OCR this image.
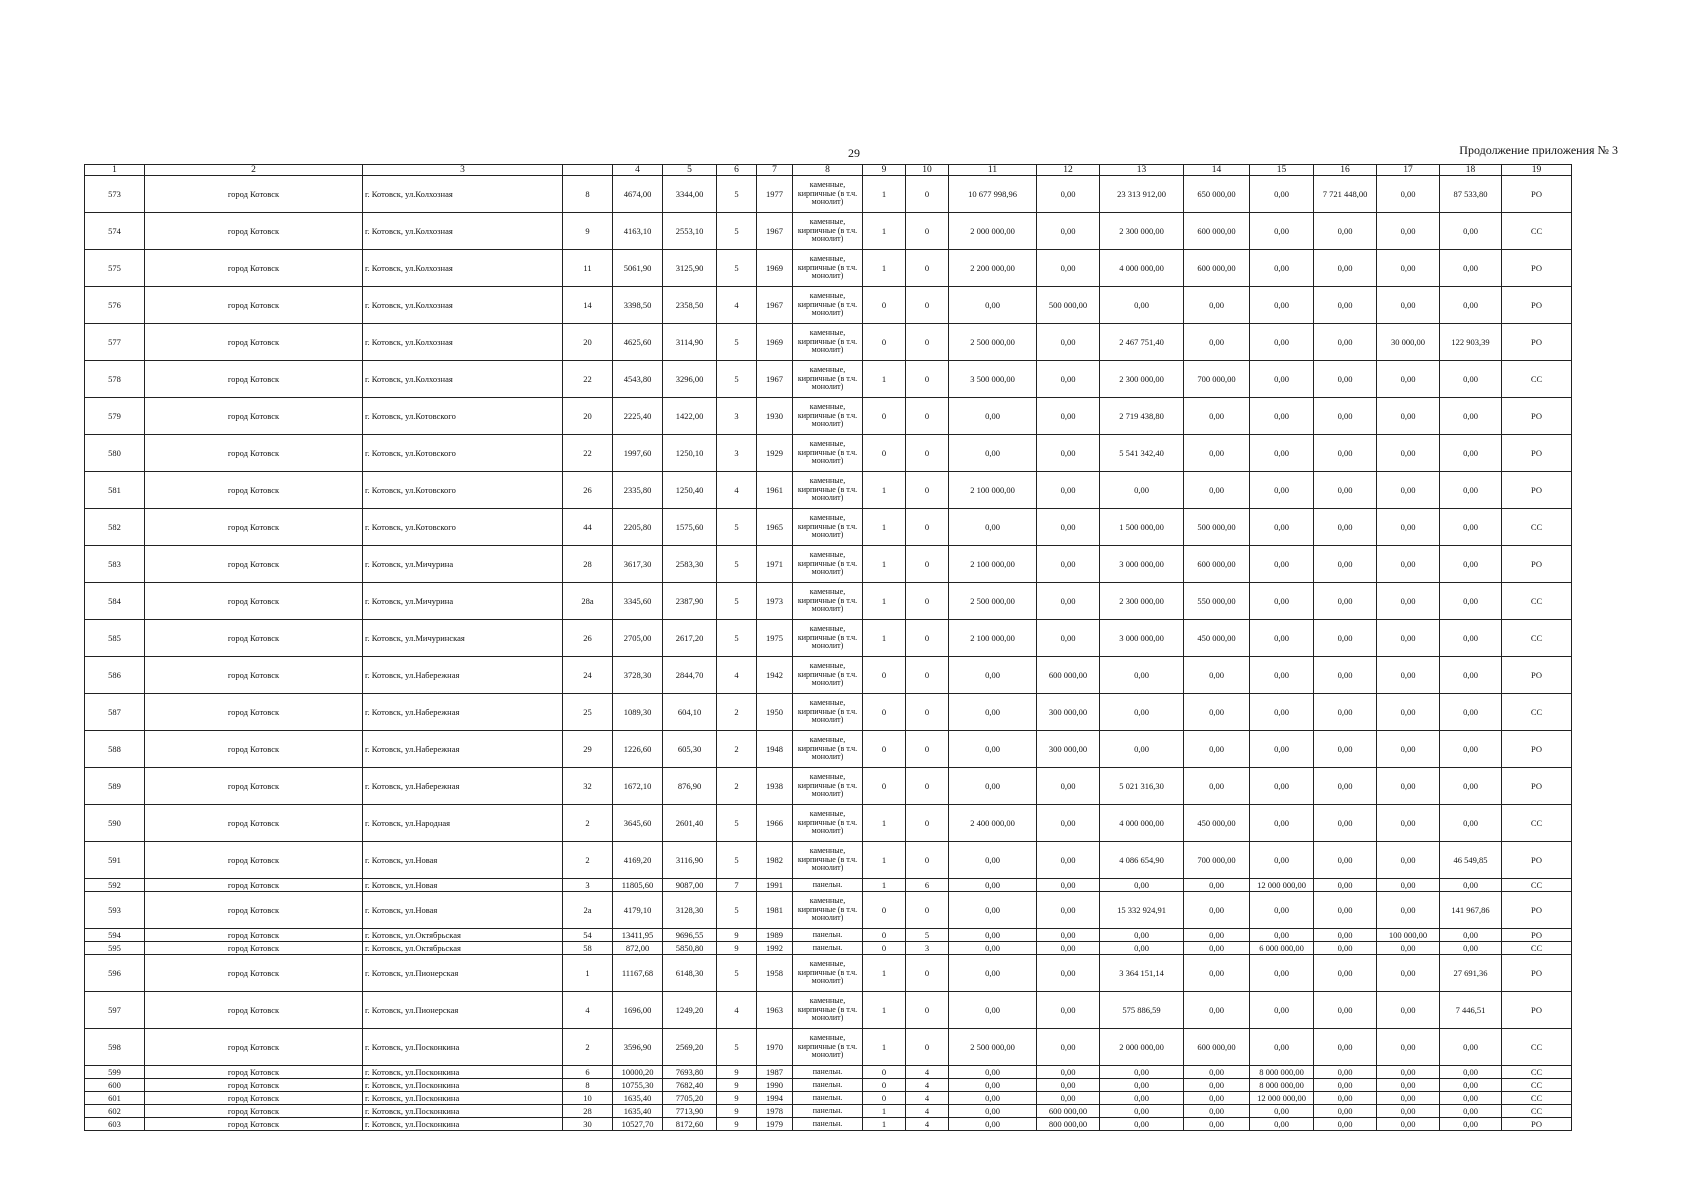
29	Продолжение приложения № 3
1	2	3		4	5	6	7	8	9	10	11	12	13	14	15	16	17	18	19
573	город Котовск	г. Котовск, ул.Колхозная	8	4674,00	3344,00	5	1977	каменные, кирпичные (в т.ч. монолит)	1	0	10 677 998,96	0,00	23 313 912,00	650 000,00	0,00	7 721 448,00	0,00	87 533,80	РО
574	город Котовск	г. Котовск, ул.Колхозная	9	4163,10	2553,10	5	1967	каменные, кирпичные (в т.ч. монолит)	1	0	2 000 000,00	0,00	2 300 000,00	600 000,00	0,00	0,00	0,00	0,00	СС
575	город Котовск	г. Котовск, ул.Колхозная	11	5061,90	3125,90	5	1969	каменные, кирпичные (в т.ч. монолит)	1	0	2 200 000,00	0,00	4 000 000,00	600 000,00	0,00	0,00	0,00	0,00	РО
576	город Котовск	г. Котовск, ул.Колхозная	14	3398,50	2358,50	4	1967	каменные, кирпичные (в т.ч. монолит)	0	0	0,00	500 000,00	0,00	0,00	0,00	0,00	0,00	0,00	РО
577	город Котовск	г. Котовск, ул.Колхозная	20	4625,60	3114,90	5	1969	каменные, кирпичные (в т.ч. монолит)	0	0	2 500 000,00	0,00	2 467 751,40	0,00	0,00	0,00	30 000,00	122 903,39	РО
578	город Котовск	г. Котовск, ул.Колхозная	22	4543,80	3296,00	5	1967	каменные, кирпичные (в т.ч. монолит)	1	0	3 500 000,00	0,00	2 300 000,00	700 000,00	0,00	0,00	0,00	0,00	СС
579	город Котовск	г. Котовск, ул.Котовского	20	2225,40	1422,00	3	1930	каменные, кирпичные (в т.ч. монолит)	0	0	0,00	0,00	2 719 438,80	0,00	0,00	0,00	0,00	0,00	РО
580	город Котовск	г. Котовск, ул.Котовского	22	1997,60	1250,10	3	1929	каменные, кирпичные (в т.ч. монолит)	0	0	0,00	0,00	5 541 342,40	0,00	0,00	0,00	0,00	0,00	РО
581	город Котовск	г. Котовск, ул.Котовского	26	2335,80	1250,40	4	1961	каменные, кирпичные (в т.ч. монолит)	1	0	2 100 000,00	0,00	0,00	0,00	0,00	0,00	0,00	0,00	РО
582	город Котовск	г. Котовск, ул.Котовского	44	2205,80	1575,60	5	1965	каменные, кирпичные (в т.ч. монолит)	1	0	0,00	0,00	1 500 000,00	500 000,00	0,00	0,00	0,00	0,00	СС
583	город Котовск	г. Котовск, ул.Мичурина	28	3617,30	2583,30	5	1971	каменные, кирпичные (в т.ч. монолит)	1	0	2 100 000,00	0,00	3 000 000,00	600 000,00	0,00	0,00	0,00	0,00	РО
584	город Котовск	г. Котовск, ул.Мичурина	28а	3345,60	2387,90	5	1973	каменные, кирпичные (в т.ч. монолит)	1	0	2 500 000,00	0,00	2 300 000,00	550 000,00	0,00	0,00	0,00	0,00	СС
585	город Котовск	г. Котовск, ул.Мичуринская	26	2705,00	2617,20	5	1975	каменные, кирпичные (в т.ч. монолит)	1	0	2 100 000,00	0,00	3 000 000,00	450 000,00	0,00	0,00	0,00	0,00	СС
586	город Котовск	г. Котовск, ул.Набережная	24	3728,30	2844,70	4	1942	каменные, кирпичные (в т.ч. монолит)	0	0	0,00	600 000,00	0,00	0,00	0,00	0,00	0,00	0,00	РО
587	город Котовск	г. Котовск, ул.Набережная	25	1089,30	604,10	2	1950	каменные, кирпичные (в т.ч. монолит)	0	0	0,00	300 000,00	0,00	0,00	0,00	0,00	0,00	0,00	СС
588	город Котовск	г. Котовск, ул.Набережная	29	1226,60	605,30	2	1948	каменные, кирпичные (в т.ч. монолит)	0	0	0,00	300 000,00	0,00	0,00	0,00	0,00	0,00	0,00	РО
589	город Котовск	г. Котовск, ул.Набережная	32	1672,10	876,90	2	1938	каменные, кирпичные (в т.ч. монолит)	0	0	0,00	0,00	5 021 316,30	0,00	0,00	0,00	0,00	0,00	РО
590	город Котовск	г. Котовск, ул.Народная	2	3645,60	2601,40	5	1966	каменные, кирпичные (в т.ч. монолит)	1	0	2 400 000,00	0,00	4 000 000,00	450 000,00	0,00	0,00	0,00	0,00	СС
591	город Котовск	г. Котовск, ул.Новая	2	4169,20	3116,90	5	1982	каменные, кирпичные (в т.ч. монолит)	1	0	0,00	0,00	4 086 654,90	700 000,00	0,00	0,00	0,00	46 549,85	РО
592	город Котовск	г. Котовск, ул.Новая	3	11805,60	9087,00	7	1991	панельн.	1	6	0,00	0,00	0,00	0,00	12 000 000,00	0,00	0,00	0,00	СС
593	город Котовск	г. Котовск, ул.Новая	2а	4179,10	3128,30	5	1981	каменные, кирпичные (в т.ч. монолит)	0	0	0,00	0,00	15 332 924,91	0,00	0,00	0,00	0,00	141 967,86	РО
594	город Котовск	г. Котовск, ул.Октябрьская	54	13411,95	9696,55	9	1989	панельн.	0	5	0,00	0,00	0,00	0,00	0,00	0,00	100 000,00	0,00	РО
595	город Котовск	г. Котовск, ул.Октябрьская	58	872,00	5850,80	9	1992	панельн.	0	3	0,00	0,00	0,00	0,00	6 000 000,00	0,00	0,00	0,00	СС
596	город Котовск	г. Котовск, ул.Пионерская	1	11167,68	6148,30	5	1958	каменные, кирпичные (в т.ч. монолит)	1	0	0,00	0,00	3 364 151,14	0,00	0,00	0,00	0,00	27 691,36	РО
597	город Котовск	г. Котовск, ул.Пионерская	4	1696,00	1249,20	4	1963	каменные, кирпичные (в т.ч. монолит)	1	0	0,00	0,00	575 886,59	0,00	0,00	0,00	0,00	7 446,51	РО
598	город Котовск	г. Котовск, ул.Посконкина	2	3596,90	2569,20	5	1970	каменные, кирпичные (в т.ч. монолит)	1	0	2 500 000,00	0,00	2 000 000,00	600 000,00	0,00	0,00	0,00	0,00	СС
599	город Котовск	г. Котовск, ул.Посконкина	6	10000,20	7693,80	9	1987	панельн.	0	4	0,00	0,00	0,00	0,00	8 000 000,00	0,00	0,00	0,00	СС
600	город Котовск	г. Котовск, ул.Посконкина	8	10755,30	7682,40	9	1990	панельн.	0	4	0,00	0,00	0,00	0,00	8 000 000,00	0,00	0,00	0,00	СС
601	город Котовск	г. Котовск, ул.Посконкина	10	1635,40	7705,20	9	1994	панельн.	0	4	0,00	0,00	0,00	0,00	12 000 000,00	0,00	0,00	0,00	СС
602	город Котовск	г. Котовск, ул.Посконкина	28	1635,40	7713,90	9	1978	панельн.	1	4	0,00	600 000,00	0,00	0,00	0,00	0,00	0,00	0,00	СС
603	город Котовск	г. Котовск, ул.Посконкина	30	10527,70	8172,60	9	1979	панельн.	1	4	0,00	800 000,00	0,00	0,00	0,00	0,00	0,00	0,00	РО
